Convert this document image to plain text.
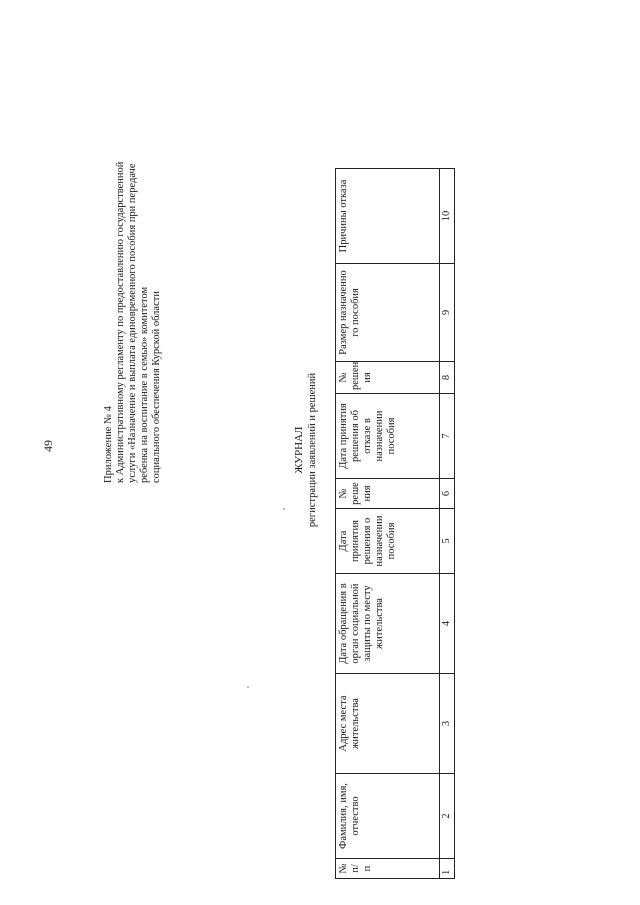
49	Приложение № 4 к Административному регламенту по предоставлению государственной услуги «Назначение и выплата единовременного пособия при передаче ребенка на воспитание в семью» комитетом социального обеспечения Курской области	ЖУРНАЛ регистрации заявлений и решений
№ п/п	Фамилия, имя, отчество	Адрес места жительства	Дата обращения в орган социальной защиты по месту жительства	Дата принятия решения о назначении пособия	№ реше ния	Дата принятия решения об отказе в назначении пособия	№ решен ия	Размер назначенно го пособия	Причины отказа
1	2	3	4	5	6	7	8	9	10
